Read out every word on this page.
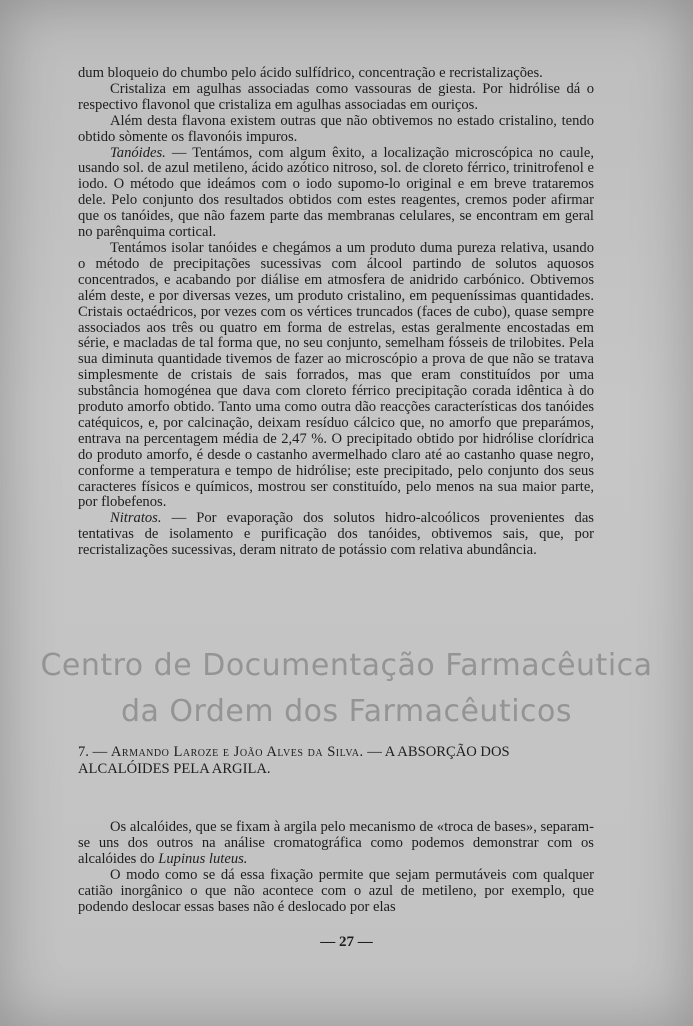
dum bloqueio do chumbo pelo ácido sulfídrico, concentração e recristalizações.

Cristaliza em agulhas associadas como vassouras de giesta. Por hidrólise dá o respectivo flavonol que cristaliza em agulhas associadas em ouriços.

Além desta flavona existem outras que não obtivemos no estado cristalino, tendo obtido sòmente os flavonóis impuros.

Tanóides. — Tentámos, com algum êxito, a localização microscópica no caule, usando sol. de azul metileno, ácido azótico nitroso, sol. de cloreto férrico, trinitrofenol e iodo. O método que ideámos com o iodo supomo-lo original e em breve trataremos dele. Pelo conjunto dos resultados obtidos com estes reagentes, cremos poder afirmar que os tanóides, que não fazem parte das membranas celulares, se encontram em geral no parênquima cortical.

Tentámos isolar tanóides e chegámos a um produto duma pureza relativa, usando o método de precipitações sucessivas com álcool partindo de solutos aquosos concentrados, e acabando por diálise em atmosfera de anidrido carbónico. Obtivemos além deste, e por diversas vezes, um produto cristalino, em pequeníssimas quantidades. Cristais octaédricos, por vezes com os vértices truncados (faces de cubo), quase sempre associados aos três ou quatro em forma de estrelas, estas geralmente encostadas em série, e macladas de tal forma que, no seu conjunto, semelham fósseis de trilobites. Pela sua diminuta quantidade tivemos de fazer ao microscópio a prova de que não se tratava simplesmente de cristais de sais forrados, mas que eram constituídos por uma substância homogénea que dava com cloreto férrico precipitação corada idêntica à do produto amorfo obtido. Tanto uma como outra dão reacções características dos tanóides catéquicos, e, por calcinação, deixam resíduo cálcico que, no amorfo que preparámos, entrava na percentagem média de 2,47 %. O precipitado obtido por hidrólise clorídrica do produto amorfo, é desde o castanho avermelhado claro até ao castanho quase negro, conforme a temperatura e tempo de hidrólise; este precipitado, pelo conjunto dos seus caracteres físicos e químicos, mostrou ser constituído, pelo menos na sua maior parte, por flobefenos.

Nitratos. — Por evaporação dos solutos hidro-alcoólicos provenientes das tentativas de isolamento e purificação dos tanóides, obtivemos sais, que, por recristalizações sucessivas, deram nitrato de potássio com relativa abundância.

Centro de Documentação Farmacêutica
da Ordem dos Farmacêuticos
7. — Armando Laroze e João Alves da Silva. — A ABSORÇÃO DOS
ALCALÓIDES PELA ARGILA.

Os alcalóides, que se fixam à argila pelo mecanismo de «troca de bases», separam-se uns dos outros na análise cromatográfica como podemos demonstrar com os alcalóides do Lupinus luteus.

O modo como se dá essa fixação permite que sejam permutáveis com qualquer catião inorgânico o que não acontece com o azul de metileno, por exemplo, que podendo deslocar essas bases não é deslocado por elas

— 27 —
